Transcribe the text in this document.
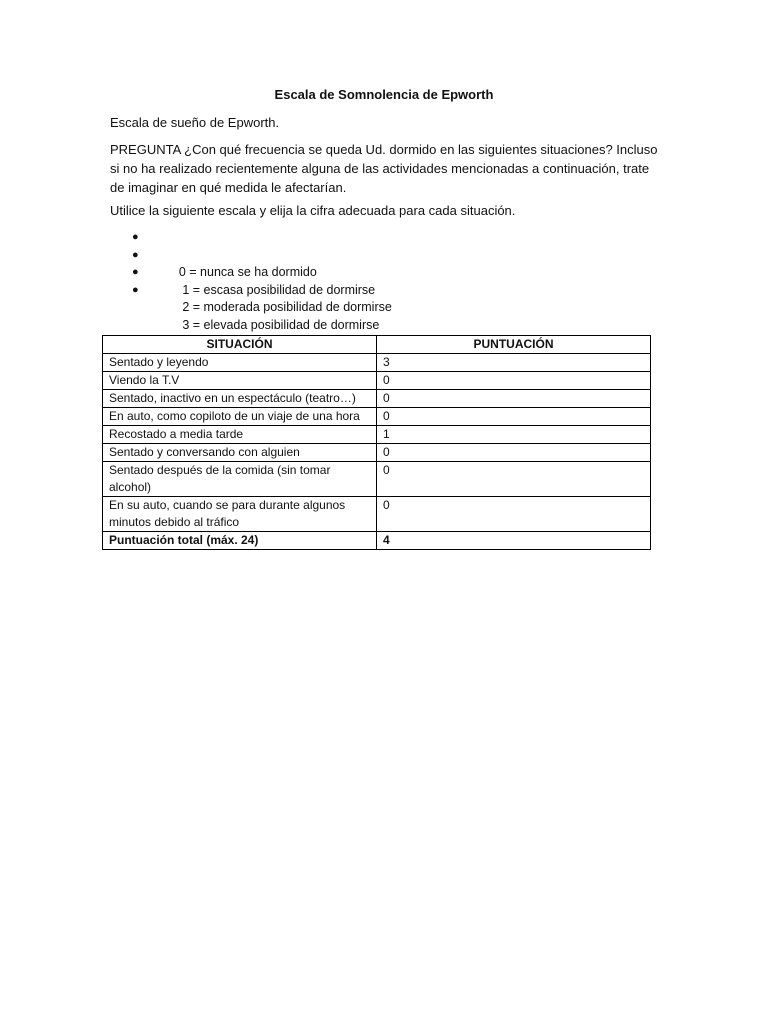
Escala de Somnolencia de Epworth
Escala de sueño de Epworth.
PREGUNTA ¿Con qué frecuencia se queda Ud. dormido en las siguientes situaciones? Incluso si no ha realizado recientemente alguna de las actividades mencionadas a continuación, trate de imaginar en qué medida le afectarían.
Utilice la siguiente escala y elija la cifra adecuada para cada situación.

●

0 = nunca se ha dormido

●

1 = escasa posibilidad de dormirse

●

2 = moderada posibilidad de dormirse

●

3 = elevada posibilidad de dormirse

SITUACIÓN	PUNTUACIÓN
Sentado y leyendo	3
Viendo la T.V	0
Sentado, inactivo en un espectáculo (teatro…)	0
En auto, como copiloto de un viaje de una hora	0
Recostado a media tarde	1
Sentado y conversando con alguien	0
Sentado después de la comida (sin tomar alcohol)	0
En su auto, cuando se para durante algunos minutos debido al tráfico	0
Puntuación total (máx. 24)	4
